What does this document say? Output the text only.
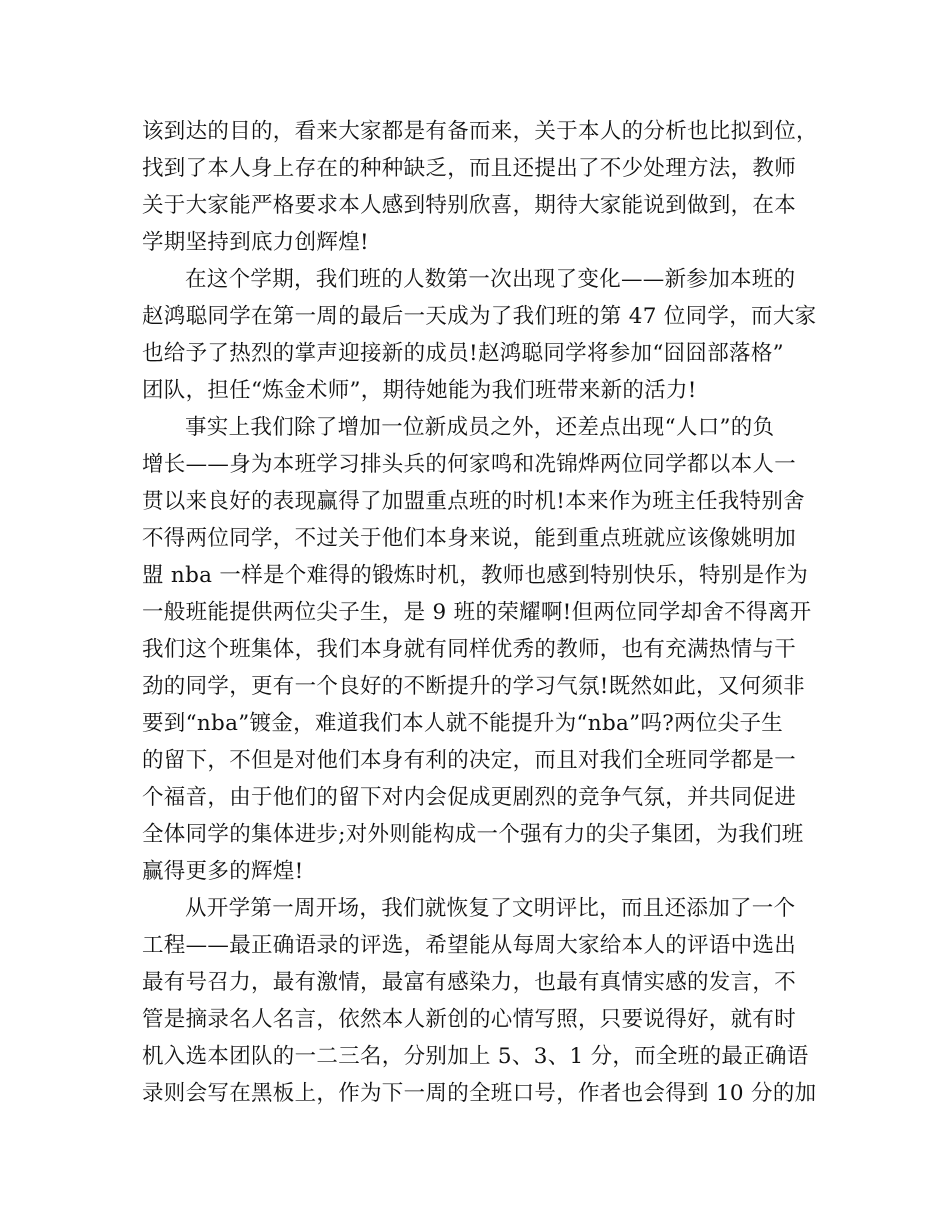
该到达的目的，看来大家都是有备而来，关于本人的分析也比拟到位，
找到了本人身上存在的种种缺乏，而且还提出了不少处理方法，教师
关于大家能严格要求本人感到特别欣喜，期待大家能说到做到，在本
学期坚持到底力创辉煌!
在这个学期，我们班的人数第一次出现了变化——新参加本班的
赵鸿聪同学在第一周的最后一天成为了我们班的第 47 位同学，而大家
也给予了热烈的掌声迎接新的成员!赵鸿聪同学将参加“囧囧部落格”
团队，担任“炼金术师”，期待她能为我们班带来新的活力!
事实上我们除了增加一位新成员之外，还差点出现“人口”的负
增长——身为本班学习排头兵的何家鸣和冼锦烨两位同学都以本人一
贯以来良好的表现赢得了加盟重点班的时机!本来作为班主任我特别舍
不得两位同学，不过关于他们本身来说，能到重点班就应该像姚明加
盟 nba 一样是个难得的锻炼时机，教师也感到特别快乐，特别是作为
一般班能提供两位尖子生，是 9 班的荣耀啊!但两位同学却舍不得离开
我们这个班集体，我们本身就有同样优秀的教师，也有充满热情与干
劲的同学，更有一个良好的不断提升的学习气氛!既然如此，又何须非
要到“nba”镀金，难道我们本人就不能提升为“nba”吗?两位尖子生
的留下，不但是对他们本身有利的决定，而且对我们全班同学都是一
个福音，由于他们的留下对内会促成更剧烈的竞争气氛，并共同促进
全体同学的集体进步;对外则能构成一个强有力的尖子集团，为我们班
赢得更多的辉煌!
从开学第一周开场，我们就恢复了文明评比，而且还添加了一个
工程——最正确语录的评选，希望能从每周大家给本人的评语中选出
最有号召力，最有激情，最富有感染力，也最有真情实感的发言，不
管是摘录名人名言，依然本人新创的心情写照，只要说得好，就有时
机入选本团队的一二三名，分别加上 5、3、1 分，而全班的最正确语
录则会写在黑板上，作为下一周的全班口号，作者也会得到 10 分的加
